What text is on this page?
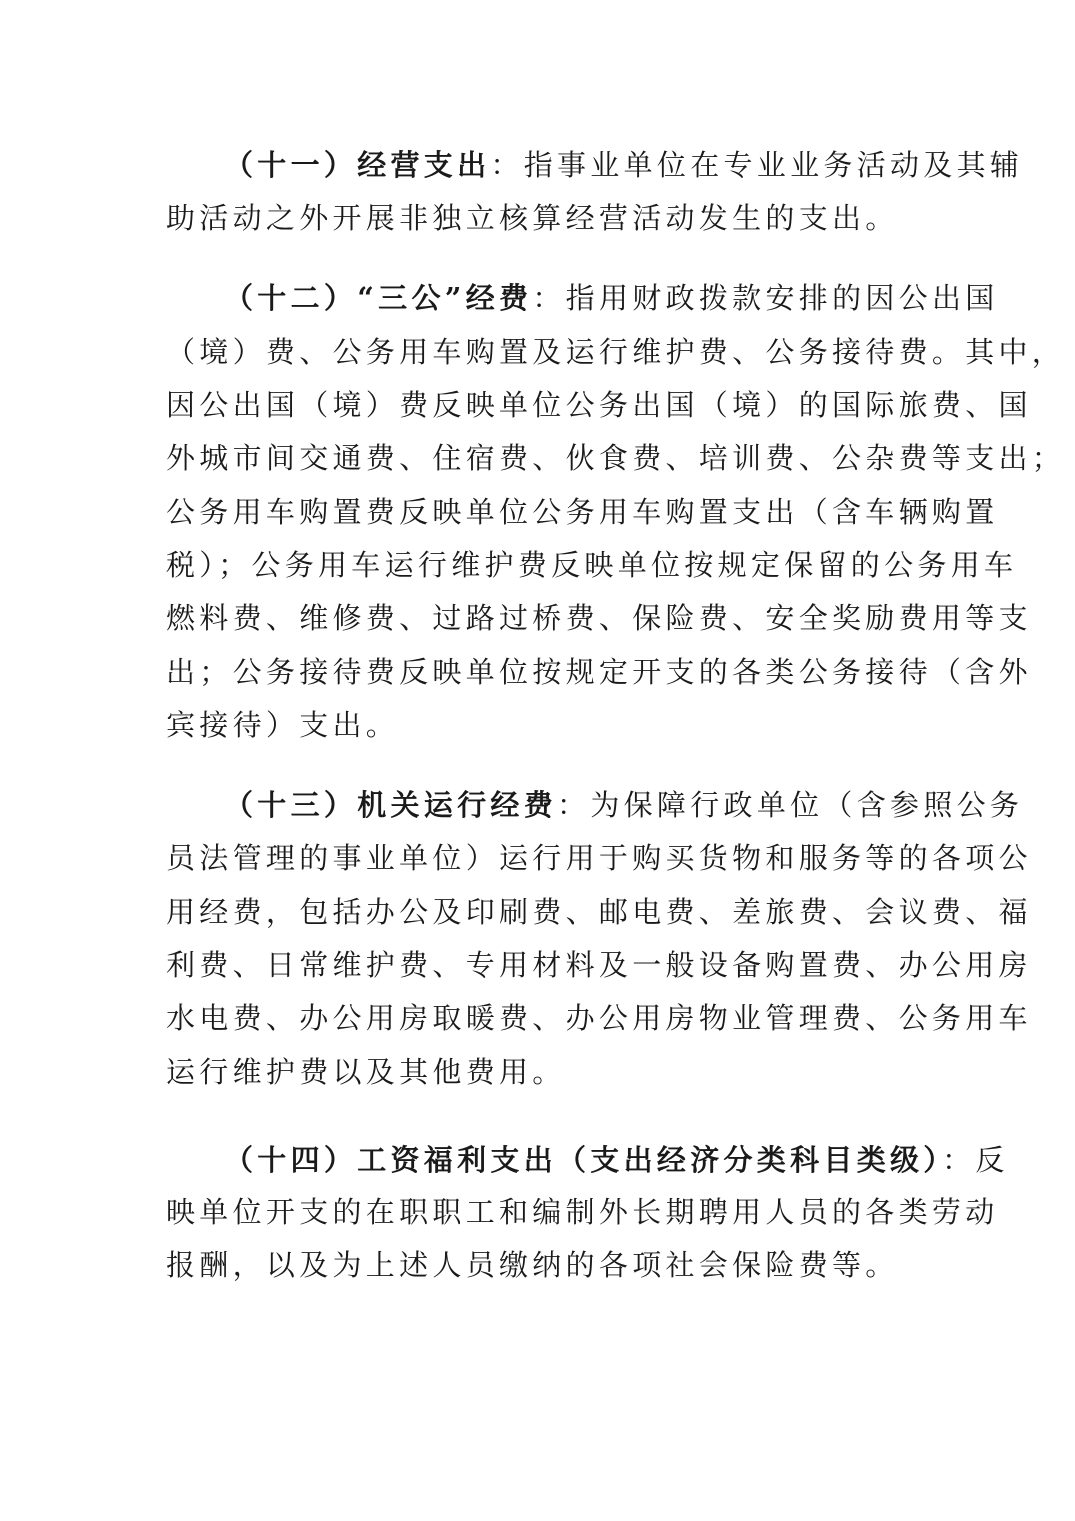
（十一）经营支出：指事业单位在专业业务活动及其辅
助活动之外开展非独立核算经营活动发生的支出。
（十二）“三公”经费：指用财政拨款安排的因公出国
（境）费、公务用车购置及运行维护费、公务接待费。其中，
因公出国（境）费反映单位公务出国（境）的国际旅费、国
外城市间交通费、住宿费、伙食费、培训费、公杂费等支出；
公务用车购置费反映单位公务用车购置支出（含车辆购置
税）；公务用车运行维护费反映单位按规定保留的公务用车
燃料费、维修费、过路过桥费、保险费、安全奖励费用等支
出；公务接待费反映单位按规定开支的各类公务接待（含外
宾接待）支出。
（十三）机关运行经费：为保障行政单位（含参照公务
员法管理的事业单位）运行用于购买货物和服务等的各项公
用经费，包括办公及印刷费、邮电费、差旅费、会议费、福
利费、日常维护费、专用材料及一般设备购置费、办公用房
水电费、办公用房取暖费、办公用房物业管理费、公务用车
运行维护费以及其他费用。
（十四）工资福利支出（支出经济分类科目类级）：反
映单位开支的在职职工和编制外长期聘用人员的各类劳动
报酬，以及为上述人员缴纳的各项社会保险费等。
